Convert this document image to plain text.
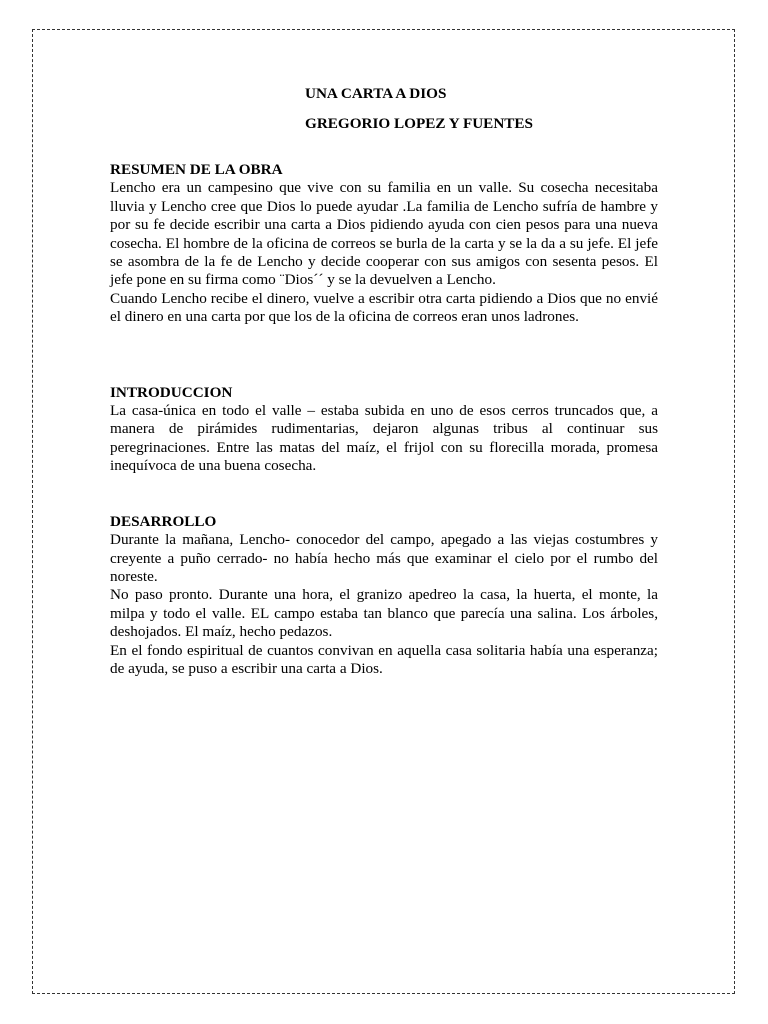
UNA CARTA A DIOS
GREGORIO LOPEZ Y FUENTES
RESUMEN DE LA OBRA

Lencho era un campesino que vive con su familia en un valle. Su cosecha necesitaba lluvia y Lencho cree que Dios lo puede ayudar .La familia de Lencho sufría de hambre y por su fe decide escribir una carta a Dios pidiendo ayuda con cien pesos para una nueva cosecha. El hombre de la oficina de correos se burla de la carta y se la da a su jefe. El jefe se asombra de la fe de Lencho y decide cooperar con sus amigos con sesenta pesos. El jefe pone en su firma como ¨Dios´´ y se la devuelven a Lencho.

Cuando Lencho recibe el dinero, vuelve a escribir otra carta pidiendo a Dios que no envié el dinero en una carta por que los de la oficina de correos eran unos ladrones.

INTRODUCCION

La casa-única en todo el valle – estaba subida en uno de esos cerros truncados que, a manera de pirámides rudimentarias, dejaron algunas tribus al continuar sus peregrinaciones. Entre las matas del maíz, el frijol con su florecilla morada, promesa inequívoca de una buena cosecha.

DESARROLLO

Durante la mañana, Lencho- conocedor del campo, apegado a las viejas costumbres y creyente a puño cerrado- no había hecho más que examinar el cielo por el rumbo del noreste.

No paso pronto. Durante una hora, el granizo apedreo la casa, la huerta, el monte, la milpa y todo el valle. EL campo estaba tan blanco que parecía una salina. Los árboles, deshojados. El maíz, hecho pedazos.

En el fondo espiritual de cuantos convivan en aquella casa solitaria había una esperanza; de ayuda, se puso a escribir una carta a Dios.
